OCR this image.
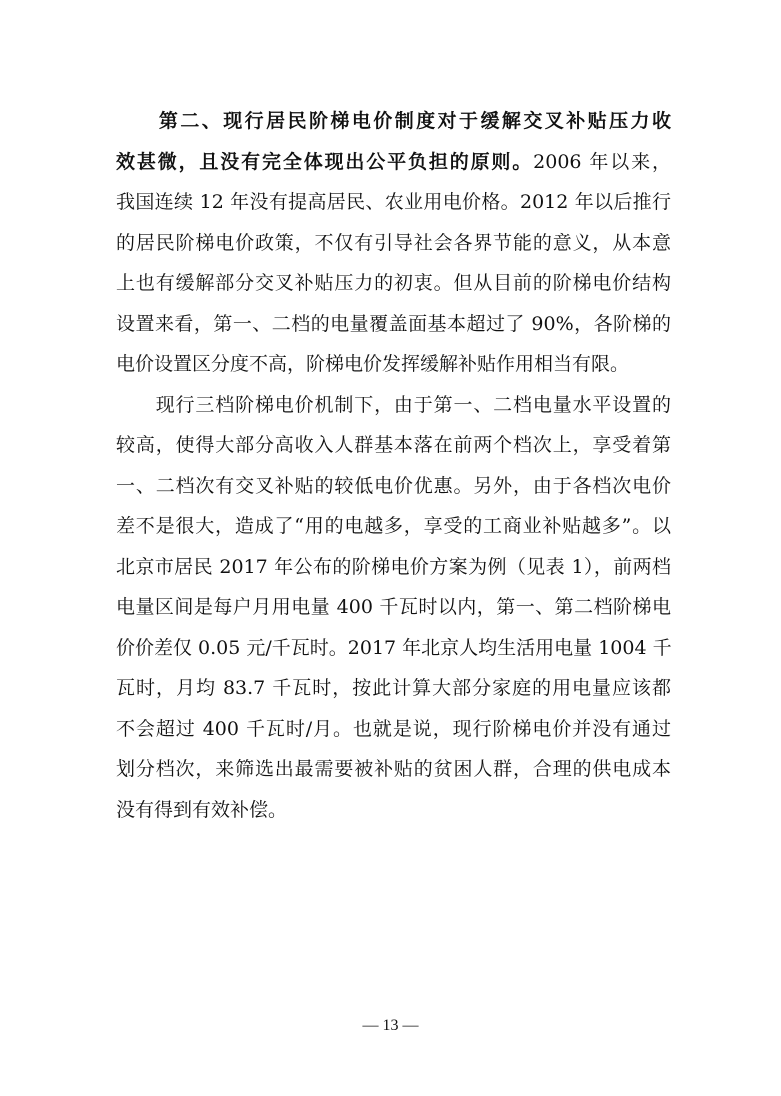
　　第二、现行居民阶梯电价制度对于缓解交叉补贴压力收
效甚微，且没有完全体现出公平负担的原则。2006 年以来，
我国连续 12 年没有提高居民、农业用电价格。2012 年以后推行
的居民阶梯电价政策，不仅有引导社会各界节能的意义，从本意
上也有缓解部分交叉补贴压力的初衷。但从目前的阶梯电价结构
设置来看，第一、二档的电量覆盖面基本超过了 90%，各阶梯的
电价设置区分度不高，阶梯电价发挥缓解补贴作用相当有限。
　　现行三档阶梯电价机制下，由于第一、二档电量水平设置的
较高，使得大部分高收入人群基本落在前两个档次上，享受着第
一、二档次有交叉补贴的较低电价优惠。另外，由于各档次电价
差不是很大，造成了“用的电越多，享受的工商业补贴越多”。以
北京市居民 2017 年公布的阶梯电价方案为例（见表 1），前两档
电量区间是每户月用电量 400 千瓦时以内，第一、第二档阶梯电
价价差仅 0.05 元/千瓦时。2017 年北京人均生活用电量 1004 千
瓦时，月均 83.7 千瓦时，按此计算大部分家庭的用电量应该都
不会超过 400 千瓦时/月。也就是说，现行阶梯电价并没有通过
划分档次，来筛选出最需要被补贴的贫困人群，合理的供电成本
没有得到有效补偿。
— 13 —
